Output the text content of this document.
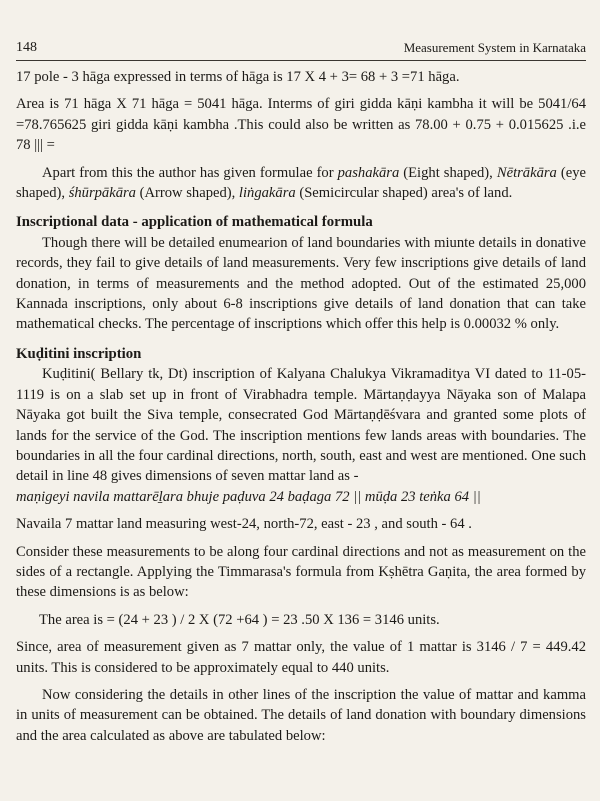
148	Measurement System in Karnataka

17 pole - 3 hāga expressed in terms of hāga is 17 X 4 + 3= 68 + 3 =71 hāga.

Area is 71 hāga X 71 hāga = 5041 hāga. Interms of giri gidda kāṇi kambha it will be 5041/64 =78.765625 giri gidda kāṇi kambha .This could also be written as 78.00 + 0.75 + 0.015625 .i.e 78 ||| =

Apart from this the author has given formulae for pashakāra (Eight shaped), Nētrākāra (eye shaped), śhūrpākāra (Arrow shaped), liṅgakāra (Semicircular shaped) area's of land.

Inscriptional data - application of mathematical formula

Though there will be detailed enumearion of land boundaries with miunte details in donative records, they fail to give details of land measurements. Very few inscriptions give details of land donation, in terms of measurements and the method adopted. Out of the estimated 25,000 Kannada inscriptions, only about 6-8 inscriptions give details of land donation that can take mathematical checks. The percentage of inscriptions which offer this help is 0.00032 % only.

Kuḍitini inscription

Kuḍitini( Bellary tk, Dt) inscription of Kalyana Chalukya Vikramaditya VI dated to 11-05-1119 is on a slab set up in front of Virabhadra temple. Mārtaṇḍayya Nāyaka son of Malapa Nāyaka got built the Siva temple, consecrated God Mārtaṇḍēśvara and granted some plots of lands for the service of the God. The inscription mentions few lands areas with boundaries. The boundaries in all the four cardinal directions, north, south, east and west are mentioned. One such detail in line 48 gives dimensions of seven mattar land as -

maṇigeyi navila mattarēḻara bhuje paḍuva 24 baḍaga 72 || mūḍa 23 teṅka 64 ||

Navaila 7 mattar land measuring west-24, north-72, east - 23 , and south - 64 .

Consider these measurements to be along four cardinal directions and not as measurement on the sides of a rectangle. Applying the Timmarasa's formula from Kṣhētra Gaṇita, the area formed by these dimensions is as below:

The area is = (24 + 23 ) / 2 X (72 +64 ) = 23 .50 X 136 = 3146 units.

Since, area of measurement given as 7 mattar only, the value of 1 mattar is 3146 / 7 = 449.42 units. This is considered to be approximately equal to 440 units.

Now considering the details in other lines of the inscription the value of mattar and kamma in units of measurement can be obtained. The details of land donation with boundary dimensions and the area calculated as above are tabulated below:
